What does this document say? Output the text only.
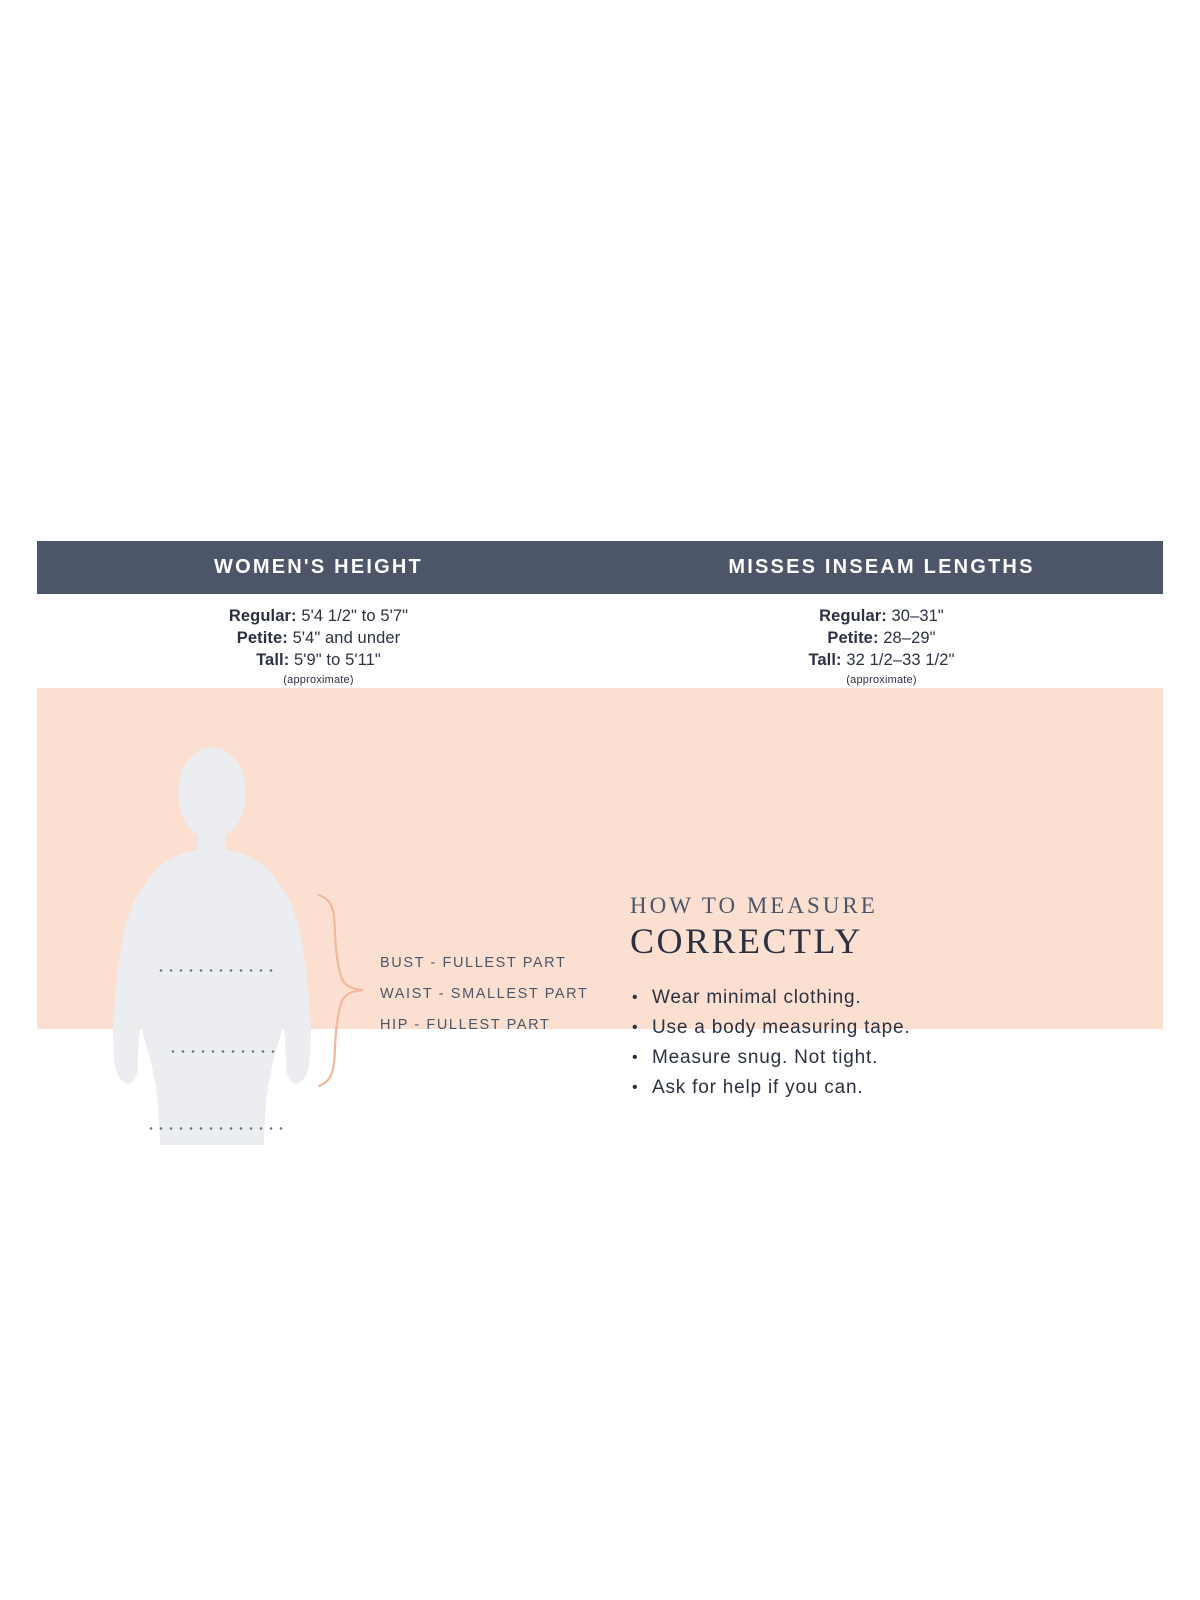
WOMEN'S HEIGHT	MISSES INSEAM LENGTHS
Regular: 5'4 1/2" to 5'7"
Petite: 5'4" and under
Tall: 5'9" to 5'11"
(approximate)
Regular: 30–31"
Petite: 28–29"
Tall: 32 1/2–33 1/2"
(approximate)
BUST - FULLEST PART
WAIST - SMALLEST PART
HIP - FULLEST PART
HOW TO MEASURE
CORRECTLY
• Wear minimal clothing.
• Use a body measuring tape.
• Measure snug. Not tight.
• Ask for help if you can.
